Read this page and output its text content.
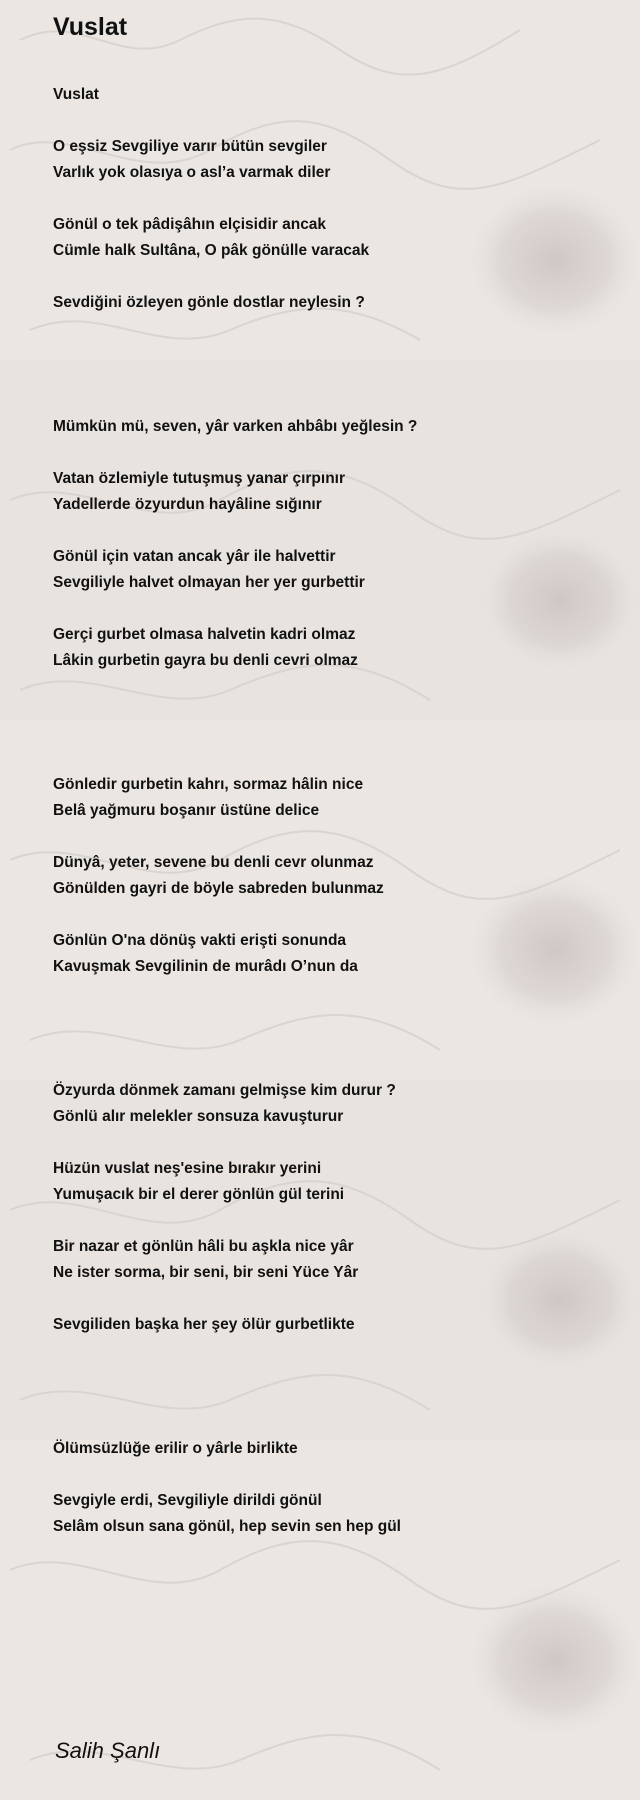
Vuslat
Vuslat
O eşsiz Sevgiliye varır bütün sevgiler
Varlık yok olasıya o asl’a varmak diler
Gönül o tek pâdişâhın elçisidir ancak
Cümle halk Sultâna, O pâk gönülle varacak
Sevdiğini özleyen gönle dostlar neylesin ?
Mümkün mü, seven, yâr varken ahbâbı yeğlesin ?
Vatan özlemiyle tutuşmuş yanar çırpınır
Yadellerde özyurdun hayâline sığınır
Gönül için vatan ancak yâr ile halvettir
Sevgiliyle halvet olmayan her yer gurbettir
Gerçi gurbet olmasa halvetin kadri olmaz
Lâkin gurbetin gayra bu denli cevri olmaz
Gönledir gurbetin kahrı, sormaz hâlin nice
Belâ yağmuru boşanır üstüne delice
Dünyâ, yeter, sevene bu denli cevr olunmaz
Gönülden gayri de böyle sabreden bulunmaz
Gönlün O'na dönüş vakti erişti sonunda
Kavuşmak Sevgilinin de murâdı O’nun da
Özyurda dönmek zamanı gelmişse kim durur ?
Gönlü alır melekler sonsuza kavuşturur
Hüzün vuslat neş'esine bırakır yerini
Yumuşacık bir el derer gönlün gül terini
Bir nazar et gönlün hâli bu aşkla nice yâr
Ne ister sorma, bir seni, bir seni Yüce Yâr
Sevgiliden başka her şey ölür gurbetlikte
Ölümsüzlüğe erilir o yârle birlikte
Sevgiyle erdi, Sevgiliyle dirildi gönül
Selâm olsun sana gönül, hep sevin sen hep gül
Salih Şanlı
